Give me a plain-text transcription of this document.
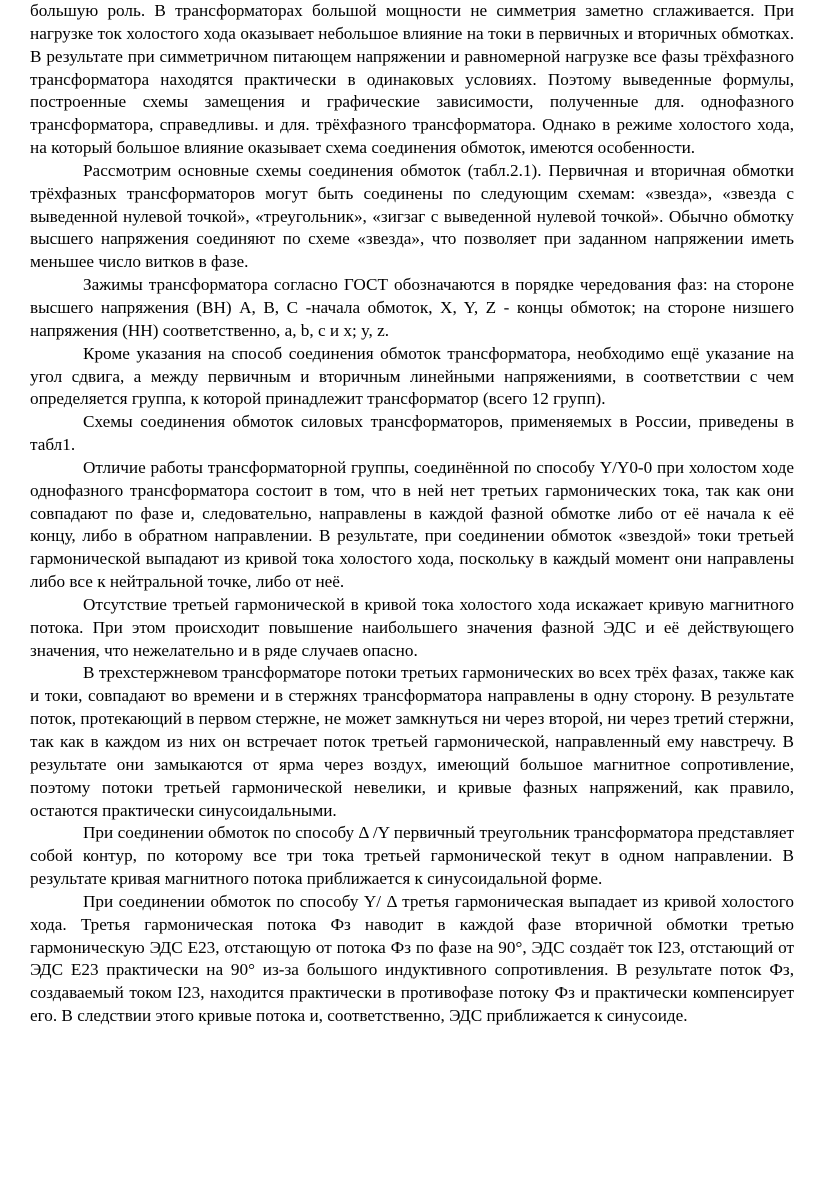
большую роль. В трансформаторах большой мощности не симметрия заметно сглаживается. При нагрузке ток холостого хода оказывает небольшое влияние на токи в первичных и вторичных обмотках. В результате при симметричном питающем напряжении и равномерной нагрузке все фазы трёхфазного трансформатора находятся практически в одинаковых условиях. Поэтому выведенные формулы, построенные схемы замещения и графические зависимости, полученные для. однофазного трансформатора, справедливы. и для. трёхфазного трансформатора. Однако в режиме холостого хода, на который большое влияние оказывает схема соединения обмоток, имеются особенности.

Рассмотрим основные схемы соединения обмоток (табл.2.1). Первичная и вторичная обмотки трёхфазных трансформаторов могут быть соединены по следующим схемам: «звезда», «звезда с выведенной нулевой точкой», «треугольник», «зигзаг с выведенной нулевой точкой». Обычно обмотку высшего напряжения соединяют по схеме «звезда», что позволяет при заданном напряжении иметь меньшее число витков в фазе.

Зажимы трансформатора согласно ГОСТ обозначаются в порядке чередования фаз: на стороне высшего напряжения (ВН) A, B, C -начала обмоток, X, Y, Z - концы обмоток; на стороне низшего напряжения (НН) соответственно, a, b, c и x; y, z.

Кроме указания на способ соединения обмоток трансформатора, необходимо ещё указание на угол сдвига, а между первичным и вторичным линейными напряжениями, в соответствии с чем определяется группа, к которой принадлежит трансформатор (всего 12 групп).

Схемы соединения обмоток силовых трансформаторов, применяемых в России, приведены в табл1.

Отличие работы трансформаторной группы, соединённой по способу Y/Y0-0 при холостом ходе однофазного трансформатора состоит в том, что в ней нет третьих гармонических тока, так как они совпадают по фазе и, следовательно, направлены в каждой фазной обмотке либо от её начала к её концу, либо в обратном направлении. В результате, при соединении обмоток «звездой» токи третьей гармонической выпадают из кривой тока холостого хода, поскольку в каждый момент они направлены либо все к нейтральной точке, либо от неё.

Отсутствие третьей гармонической в кривой тока холостого хода искажает кривую магнитного потока. При этом происходит повышение наибольшего значения фазной ЭДС и её действующего значения, что нежелательно и в ряде случаев опасно.

В трехстержневом трансформаторе потоки третьих гармонических во всех трёх фазах, также как и токи, совпадают во времени и в стержнях трансформатора направлены в одну сторону. В результате поток, протекающий в первом стержне, не может замкнуться ни через второй, ни через третий стержни, так как в каждом из них он встречает поток третьей гармонической, направленный ему навстречу. В результате они замыкаются от ярма через воздух, имеющий большое магнитное сопротивление, поэтому потоки третьей гармонической невелики, и кривые фазных напряжений, как правило, остаются практически синусоидальными.

При соединении обмоток по способу Δ /Y первичный треугольник трансформатора представляет собой контур, по которому все три тока третьей гармонической текут в одном направлении. В результате кривая магнитного потока приближается к синусоидальной форме.

При соединении обмоток по способу Y/ Δ третья гармоническая выпадает из кривой холостого хода. Третья гармоническая потока Фз наводит в каждой фазе вторичной обмотки третью гармоническую ЭДС Е23, отстающую от потока Фз по фазе на 90°, ЭДС создаёт ток I23, отстающий от ЭДС Е23 практически на 90° из-за большого индуктивного сопротивления. В результате поток Фз, создаваемый током I23, находится практически в противофазе потоку Фз и практически компенсирует его. В следствии этого кривые потока и, соответственно, ЭДС приближается к синусоиде.
